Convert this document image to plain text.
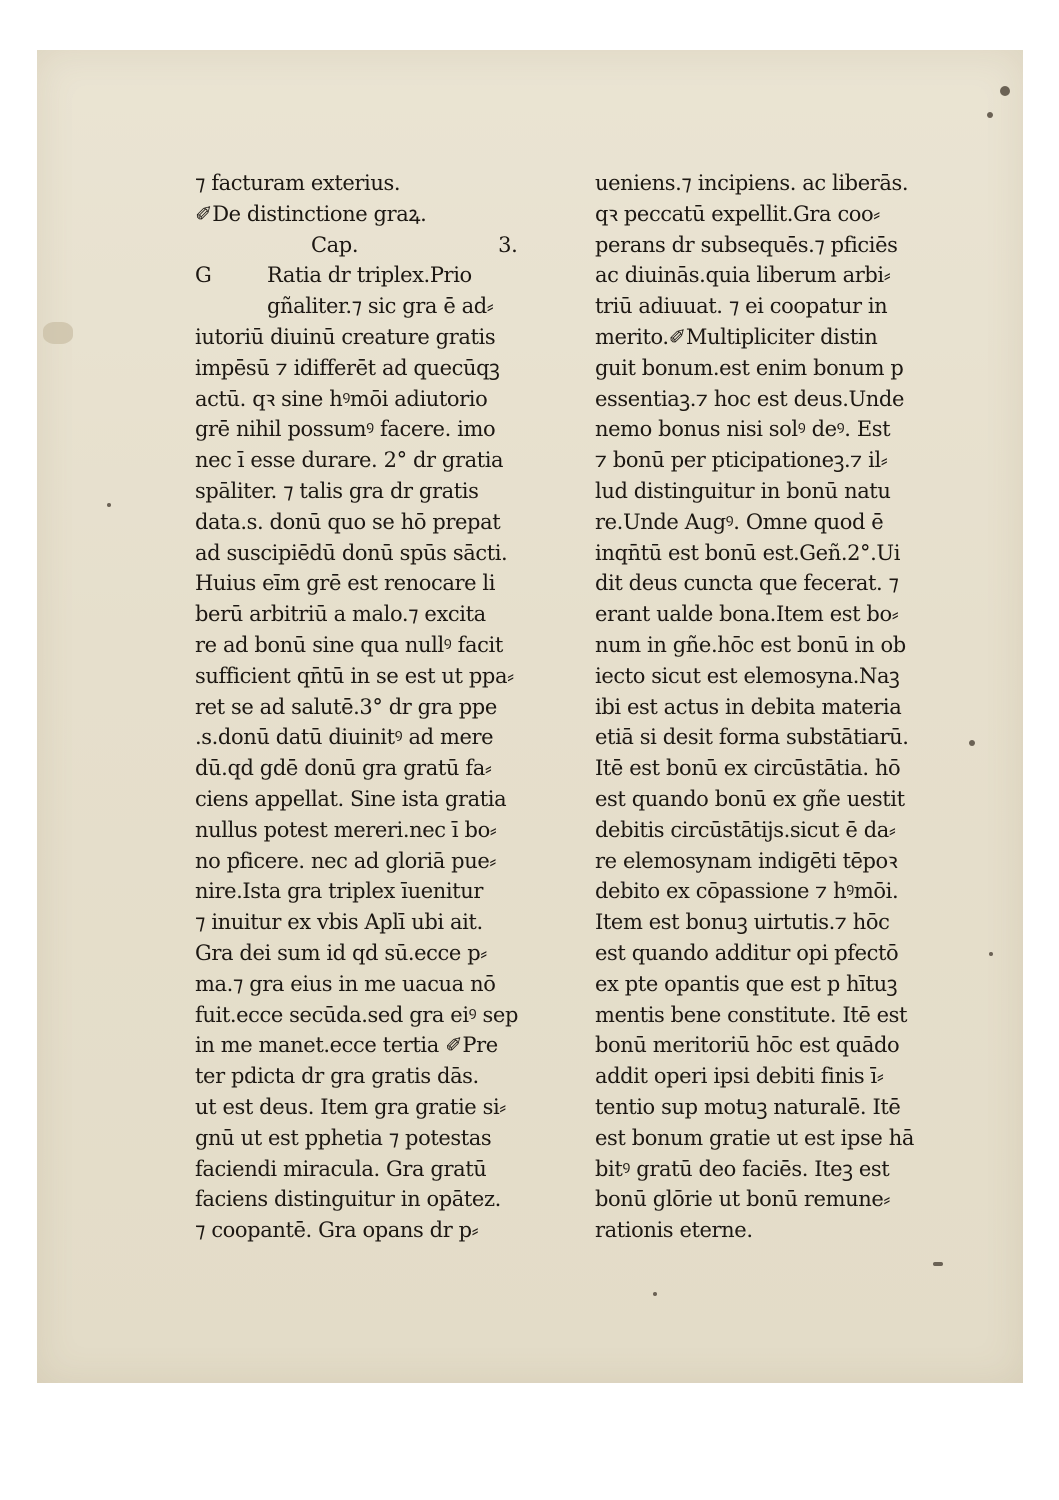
⁊ facturam exterius.
✐De distinctione graꝝ.
Cap.	3.
G	Ratia dr triplex.Prio
gñaliter.⁊ sic gra ē ad⸗
iutoriū diuinū creature gratis
impēsū ⁊ idifferēt ad quecūqꝫ
actū. qꝛ sine hꝰmōi adiutorio
grē nihil possumꝰ facere. imo
nec ī esse durare. 2° dr gratia
spāliter. ⁊ talis gra dr gratis
data.s. donū quo se hō prepat
ad suscipiēdū donū spūs sācti.
Huius eīm grē est renocare li
berū arbitriū a malo.⁊ excita
re ad bonū sine qua nullꝰ facit
sufficient qn̄tū in se est ut ppa⸗
ret se ad salutē.3° dr gra ppe
.s.donū datū diuinitꝰ ad mere
dū.qd gdē donū gra gratū fa⸗
ciens appellat. Sine ista gratia
nullus potest mereri.nec ī bo⸗
no pficere. nec ad gloriā pue⸗
nire.Ista gra triplex īuenitur
⁊ inuitur ex vbis Aplī ubi ait.
Gra dei sum id qd sū.ecce p⸗
ma.⁊ gra eius in me uacua nō
fuit.ecce secūda.sed gra eiꝰ sep
in me manet.ecce tertia ✐Pre
ter pdicta dr gra gratis dās.
ut est deus. Item gra gratie si⸗
gnū ut est pphetia ⁊ potestas
faciendi miracula. Gra gratū
faciens distinguitur in opātez.
⁊ coopantē. Gra opans dr p⸗
ueniens.⁊ incipiens. ac liberās.
qꝛ peccatū expellit.Gra coo⸗
perans dr subsequēs.⁊ pficiēs
ac diuinās.quia liberum arbi⸗
triū adiuuat. ⁊ ei coopatur in
merito.✐Multipliciter distin
guit bonum.est enim bonum p
essentiaꝫ.⁊ hoc est deus.Unde
nemo bonus nisi solꝰ deꝰ. Est
⁊ bonū per pticipationeꝫ.⁊ il⸗
lud distinguitur in bonū natu
re.Unde Augꝰ. Omne quod ē
inqn̄tū est bonū est.Geñ.2°.Ui
dit deus cuncta que fecerat. ⁊
erant ualde bona.Item est bo⸗
num in gñe.hōc est bonū in ob
iecto sicut est elemosyna.Naꝫ
ibi est actus in debita materia
etiā si desit forma substātiarū.
Itē est bonū ex circūstātia. hō
est quando bonū ex gñe uestit
debitis circūstātijs.sicut ē da⸗
re elemosynam indigēti tēpoꝛ
debito ex cōpassione ⁊ hꝰmōi.
Item est bonuꝫ uirtutis.⁊ hōc
est quando additur opi pfectō
ex pte opantis que est p hītuꝫ
mentis bene constitute. Itē est
bonū meritoriū hōc est quādo
addit operi ipsi debiti finis ī⸗
tentio sup motuꝫ naturalē. Itē
est bonum gratie ut est ipse hā
bitꝰ gratū deo faciēs. Iteꝫ est
bonū glōrie ut bonū remune⸗
rationis eterne.
